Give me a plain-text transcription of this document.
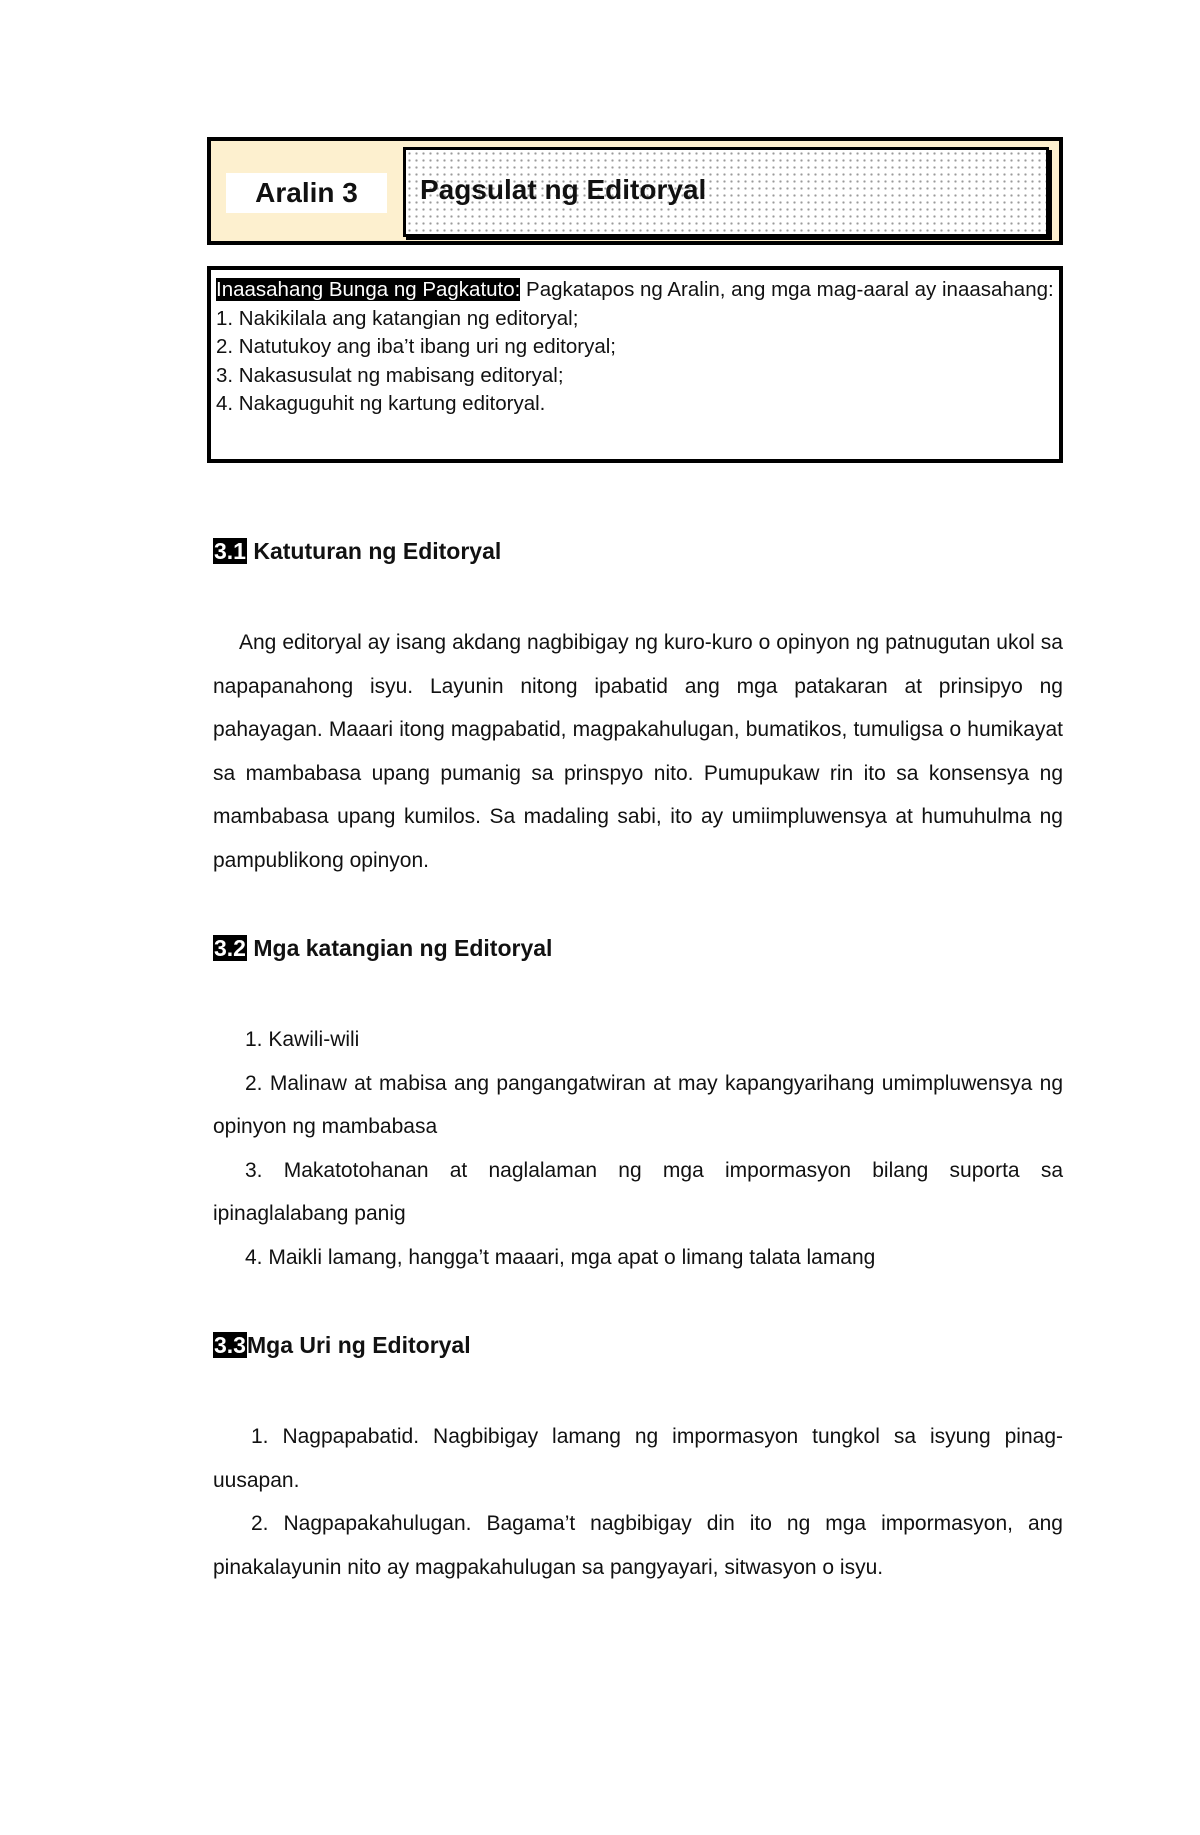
Aralin 3	Pagsulat ng Editoryal

Inaasahang Bunga ng Pagkatuto: Pagkatapos ng Aralin, ang mga mag-aaral ay inaasahang:

1. Nakikilala ang katangian ng editoryal;

2. Natutukoy ang iba’t ibang uri ng editoryal;

3. Nakasusulat ng mabisang editoryal;

4. Nakaguguhit ng kartung editoryal.

3.1 Katuturan ng Editoryal

Ang editoryal ay isang akdang nagbibigay ng kuro-kuro o opinyon ng patnugutan ukol sa napapanahong isyu. Layunin nitong ipabatid ang mga patakaran at prinsipyo ng pahayagan. Maaari itong magpabatid, magpakahulugan, bumatikos, tumuligsa o humikayat sa mambabasa upang pumanig sa prinspyo nito. Pumupukaw rin ito sa konsensya ng mambabasa upang kumilos. Sa madaling sabi, ito ay umiimpluwensya at humuhulma ng pampublikong opinyon.

3.2 Mga katangian ng Editoryal
1. Kawili-wili
2. Malinaw at mabisa ang pangangatwiran at may kapangyarihang umimpluwensya ng opinyon ng mambabasa
3. Makatotohanan at naglalaman ng mga impormasyon bilang suporta sa ipinaglalabang panig
4. Maikli lamang, hangga’t maaari, mga apat o limang talata lamang
3.3Mga Uri ng Editoryal
1. Nagpapabatid. Nagbibigay lamang ng impormasyon tungkol sa isyung pinag-uusapan.
2. Nagpapakahulugan. Bagama’t nagbibigay din ito ng mga impormasyon, ang pinakalayunin nito ay magpakahulugan sa pangyayari, sitwasyon o isyu.
